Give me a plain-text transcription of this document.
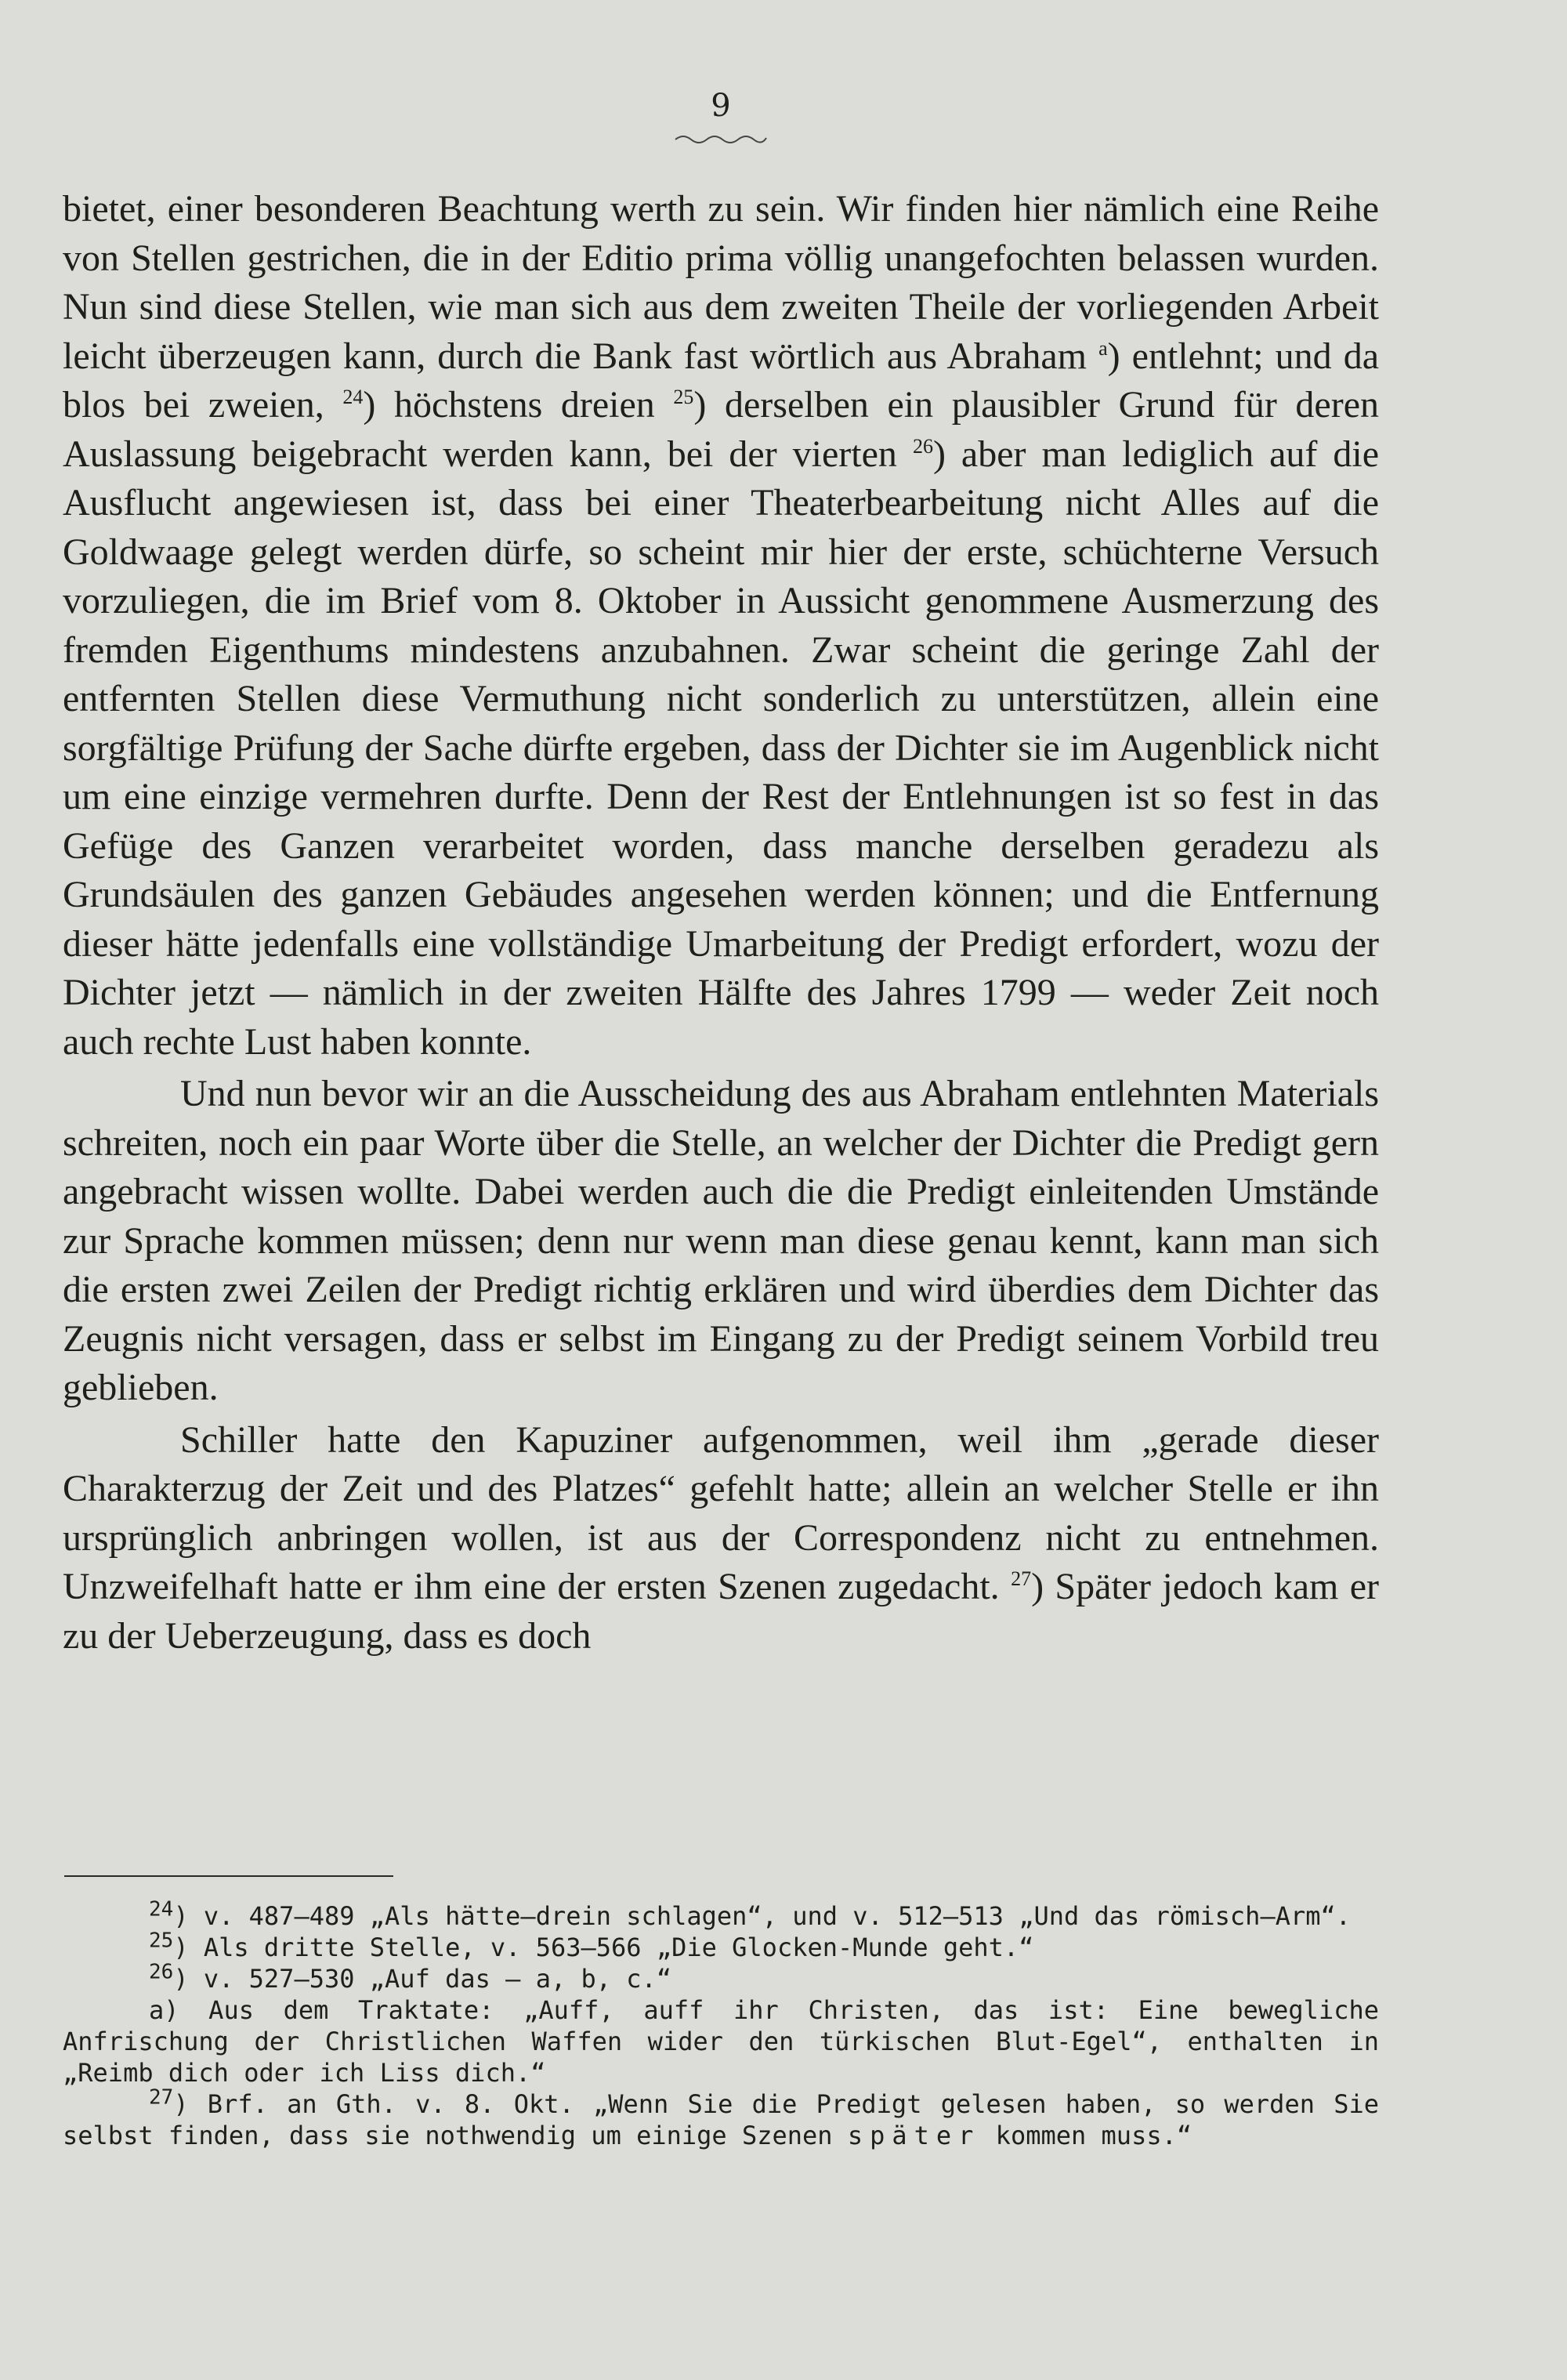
9

bietet, einer besonderen Beachtung werth zu sein. Wir finden hier nämlich eine Reihe von Stellen gestrichen, die in der Editio prima völlig unangefochten belassen wurden. Nun sind diese Stellen, wie man sich aus dem zweiten Theile der vorliegenden Arbeit leicht überzeugen kann, durch die Bank fast wörtlich aus Abraham $^a$) entlehnt; und da blos bei zweien, $^{24}$) höchstens dreien $^{25}$) derselben ein plausibler Grund für deren Auslassung beigebracht werden kann, bei der vierten $^{26}$) aber man lediglich auf die Ausflucht angewiesen ist, dass bei einer Theaterbearbeitung nicht Alles auf die Goldwaage gelegt werden dürfe, so scheint mir hier der erste, schüchterne Versuch vorzuliegen, die im Brief vom 8. Oktober in Aussicht genommene Ausmerzung des fremden Eigenthums mindestens anzubahnen. Zwar scheint die geringe Zahl der entfernten Stellen diese Vermuthung nicht sonderlich zu unterstützen, allein eine sorgfältige Prüfung der Sache dürfte ergeben, dass der Dichter sie im Augenblick nicht um eine einzige vermehren durfte. Denn der Rest der Entlehnungen ist so fest in das Gefüge des Ganzen verarbeitet worden, dass manche derselben geradezu als Grundsäulen des ganzen Gebäudes angesehen werden können; und die Entfernung dieser hätte jedenfalls eine vollständige Umarbeitung der Predigt erfordert, wozu der Dichter jetzt — nämlich in der zweiten Hälfte des Jahres 1799 — weder Zeit noch auch rechte Lust haben konnte.

Und nun bevor wir an die Ausscheidung des aus Abraham entlehnten Materials schreiten, noch ein paar Worte über die Stelle, an welcher der Dichter die Predigt gern angebracht wissen wollte. Dabei werden auch die die Predigt einleitenden Umstände zur Sprache kommen müssen; denn nur wenn man diese genau kennt, kann man sich die ersten zwei Zeilen der Predigt richtig erklären und wird überdies dem Dichter das Zeugnis nicht versagen, dass er selbst im Eingang zu der Predigt seinem Vorbild treu geblieben.

Schiller hatte den Kapuziner aufgenommen, weil ihm „gerade dieser Charakterzug der Zeit und des Platzes“ gefehlt hatte; allein an welcher Stelle er ihn ursprünglich anbringen wollen, ist aus der Correspondenz nicht zu entnehmen. Unzweifelhaft hatte er ihm eine der ersten Szenen zugedacht. $^{27}$) Später jedoch kam er zu der Ueberzeugung, dass es doch

$^{24}$) v. 487—489 „Als hätte—drein schlagen“, und v. 512—513 „Und das römisch—Arm“.

$^{25}$) Als dritte Stelle, v. 563—566 „Die Glocken-Munde geht.“

$^{26}$) v. 527—530 „Auf das — a, b, c.“

a) Aus dem Traktate: „Auff, auff ihr Christen, das ist: Eine bewegliche Anfrischung der Christlichen Waffen wider den türkischen Blut-Egel“, enthalten in „Reimb dich oder ich Liss dich.“

$^{27}$) Brf. an Gth. v. 8. Okt. „Wenn Sie die Predigt gelesen haben, so werden Sie selbst finden, dass sie nothwendig um einige Szenen später kommen muss.“
